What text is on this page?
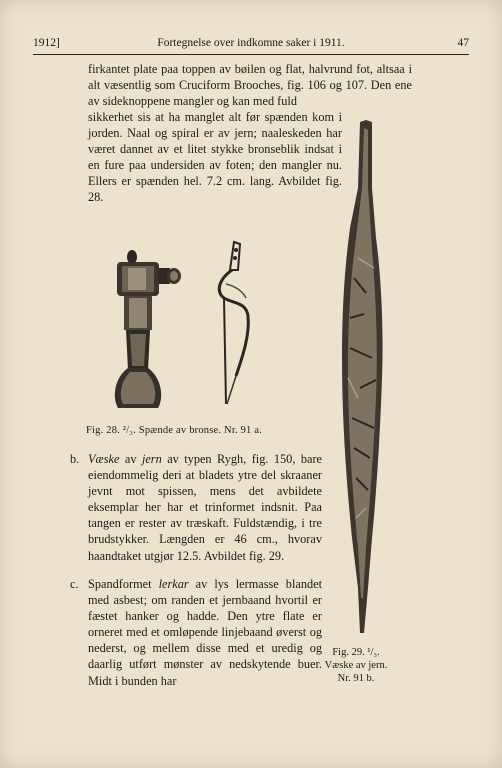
1912]	Fortegnelse over indkomne saker i 1911.	47

firkantet plate paa toppen av bøilen og flat, halvrund fot, altsaa i alt væsentlig som Cruciform Brooches, fig. 106 og 107. Den ene av sideknoppene mangler og kan med fuld

sikkerhet sis at ha manglet alt før spænden kom i jorden. Naal og spiral er av jern; naaleskeden har været dannet av et litet stykke bronseblik indsat i en fure paa undersiden av foten; den mangler nu. Ellers er spænden hel. 7.2 cm. lang. Avbildet fig. 28.

Fig. 28. ²/₃. Spænde av bronse. Nr. 91 a.
b. Væske av jern av typen Rygh, fig. 150, bare eiendommelig deri at bladets ytre del skraaner jevnt mot spissen, mens det avbildete eksemplar her har et trinformet indsnit. Paa tangen er rester av træskaft. Fuldstændig, i tre brudstykker. Længden er 46 cm., hvorav haandtaket utgjør 12.5. Avbildet fig. 29.
c. Spandformet lerkar av lys lermasse blandet med asbest; om randen et jernbaand hvortil er fæstet hanker og hadde. Den ytre flate er orneret med et omløpende linjebaand øverst og nederst, og mellem disse med et uredig og daarlig utført mønster av nedskytende buer. Midt i bunden har
Fig. 29. ¹/₃.
Væske av jern.
Nr. 91 b.
